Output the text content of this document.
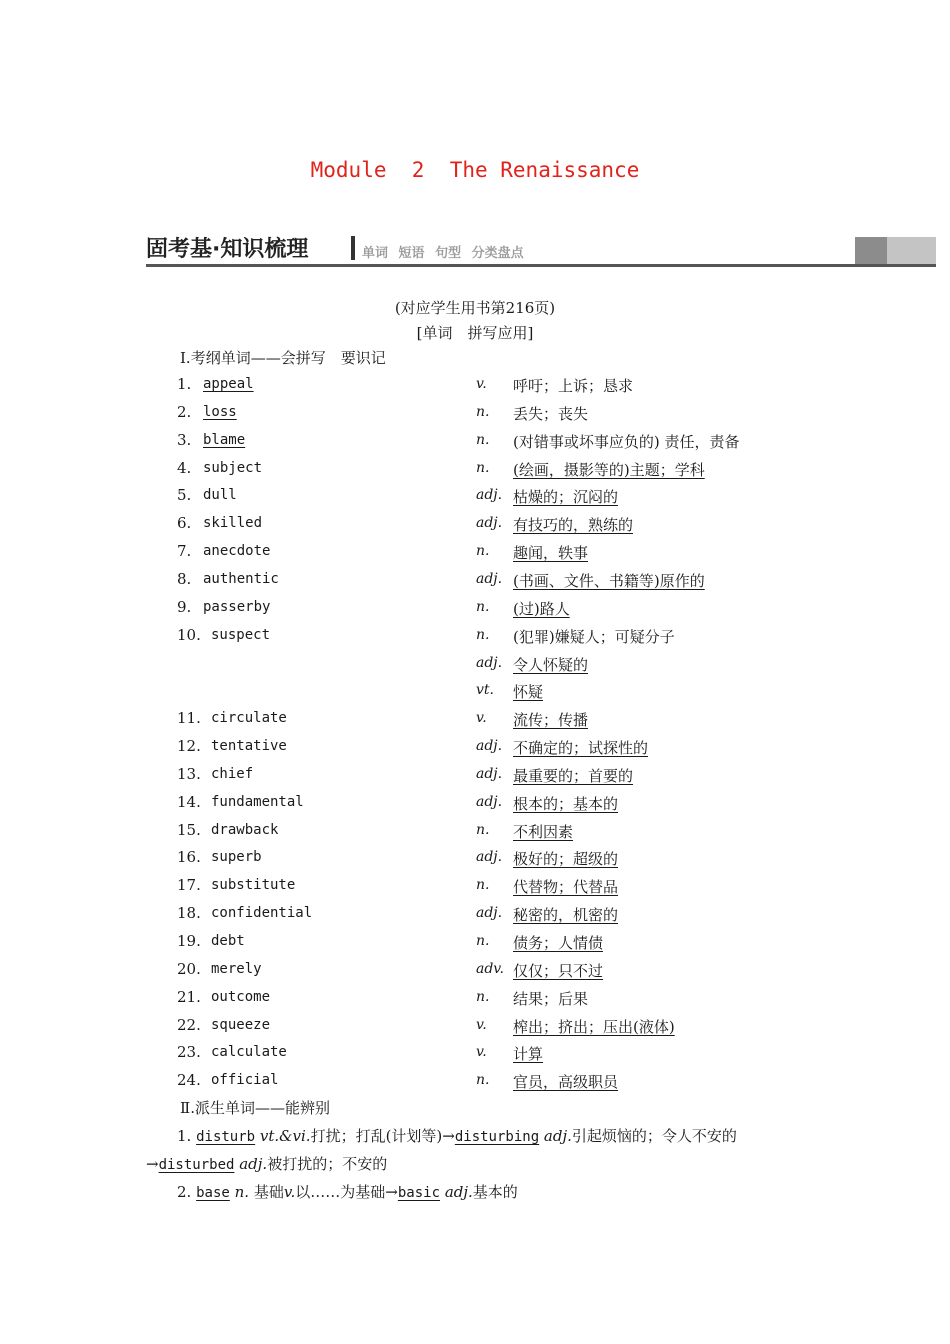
Module  2  The Renaissance
固考基·知识梳理	单词 短语 句型 分类盘点
(对应学生用书第216页)
[单词　拼写应用]
Ⅰ.考纲单词——会拼写　要识记
1. appeal	v. 呼吁；上诉；恳求
2. loss	n. 丢失；丧失
3. blame	n. (对错事或坏事应负的) 责任，责备
4. subject	n. (绘画，摄影等的)主题；学科
5. dull	adj. 枯燥的；沉闷的
6. skilled	adj. 有技巧的，熟练的
7. anecdote	n. 趣闻，轶事
8. authentic	adj. (书画、文件、书籍等)原作的
9. passerby	n. (过)路人
10. suspect	n. (犯罪)嫌疑人；可疑分子
adj. 令人怀疑的
vt. 怀疑
11. circulate	v. 流传；传播
12. tentative	adj. 不确定的；试探性的
13. chief	adj. 最重要的；首要的
14. fundamental	adj. 根本的；基本的
15. drawback	n. 不利因素
16. superb	adj. 极好的；超级的
17. substitute	n. 代替物；代替品
18. confidential	adj. 秘密的，机密的
19. debt	n. 债务；人情债
20. merely	adv. 仅仅；只不过
21. outcome	n. 结果；后果
22. squeeze	v. 榨出；挤出；压出(液体)
23. calculate	v. 计算
24. official	n. 官员，高级职员
Ⅱ.派生单词——能辨别
1. disturb vt.&vi.打扰；打乱(计划等)→disturbing adj.引起烦恼的；令人不安的
→disturbed adj.被打扰的；不安的
2. base n. 基础v.以……为基础→basic adj.基本的
